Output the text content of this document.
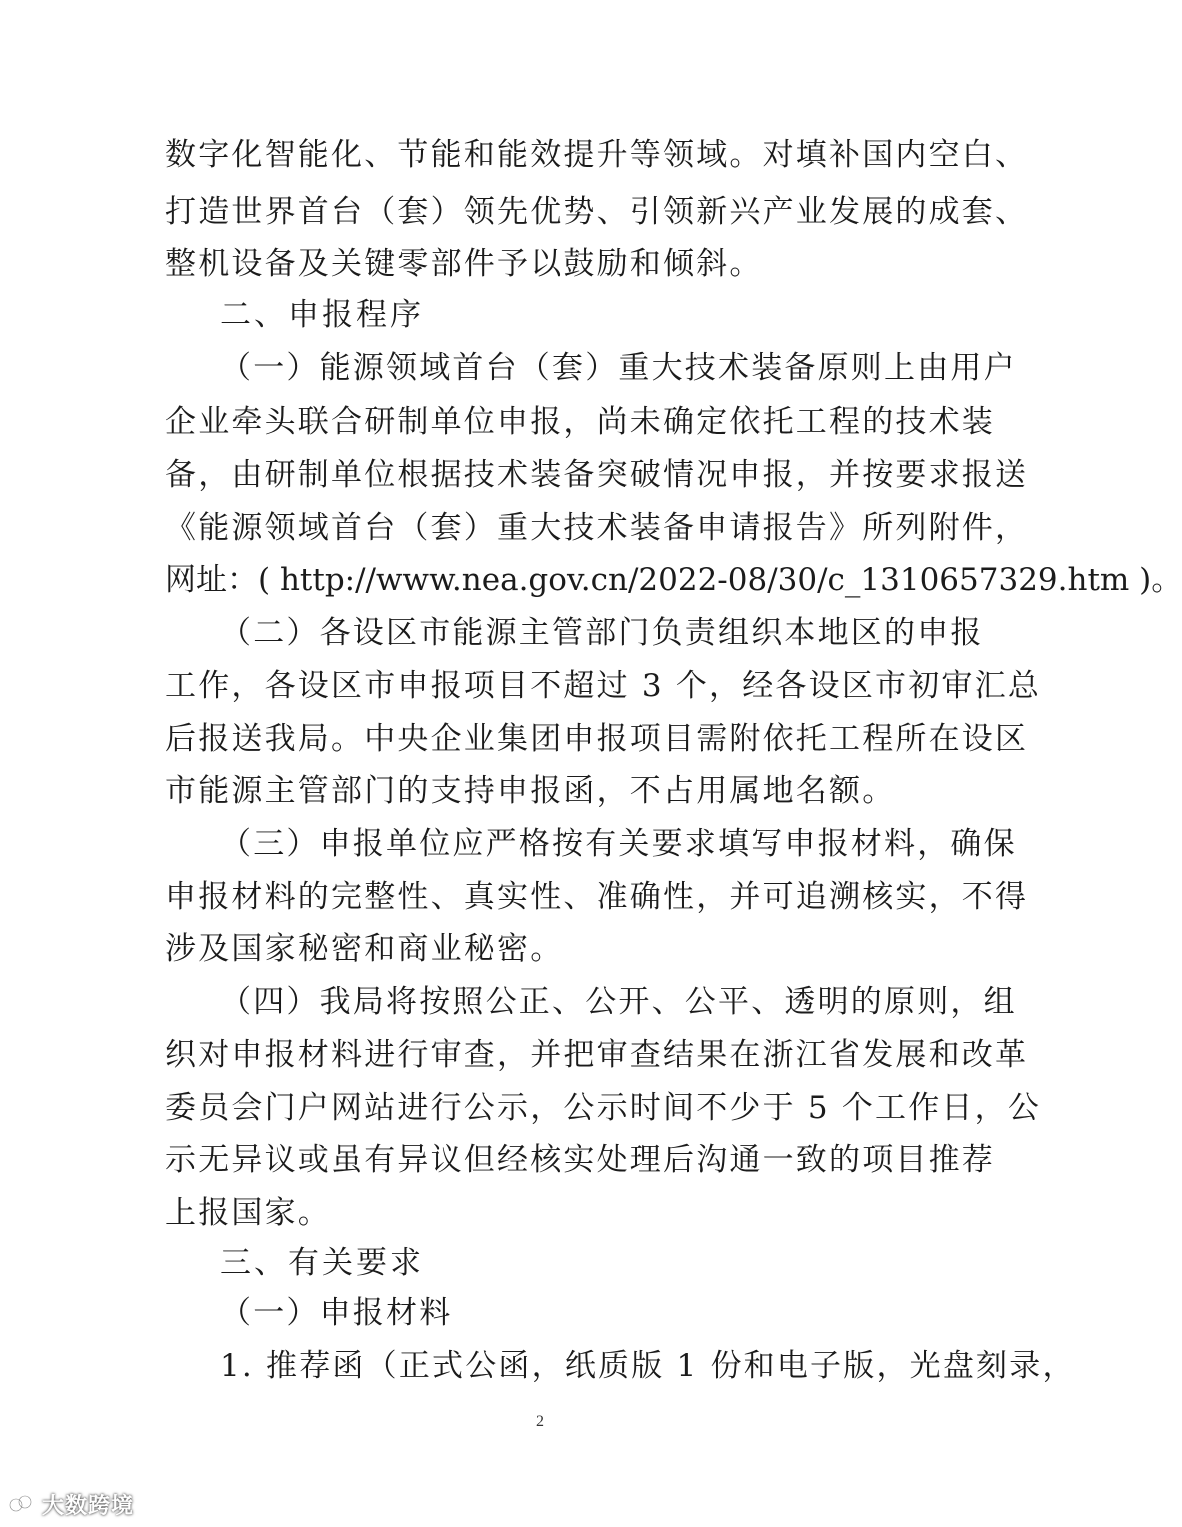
数字化智能化、节能和能效提升等领域。对填补国内空白、
打造世界首台（套）领先优势、引领新兴产业发展的成套、
整机设备及关键零部件予以鼓励和倾斜。
二、申报程序
（一）能源领域首台（套）重大技术装备原则上由用户
企业牵头联合研制单位申报，尚未确定依托工程的技术装
备，由研制单位根据技术装备突破情况申报，并按要求报送
《能源领域首台（套）重大技术装备申请报告》所列附件，
网址：( http://www.nea.gov.cn/2022-08/30/c_1310657329.htm )。
（二）各设区市能源主管部门负责组织本地区的申报
工作，各设区市申报项目不超过 3 个，经各设区市初审汇总
后报送我局。中央企业集团申报项目需附依托工程所在设区
市能源主管部门的支持申报函，不占用属地名额。
（三）申报单位应严格按有关要求填写申报材料，确保
申报材料的完整性、真实性、准确性，并可追溯核实，不得
涉及国家秘密和商业秘密。
（四）我局将按照公正、公开、公平、透明的原则，组
织对申报材料进行审查，并把审查结果在浙江省发展和改革
委员会门户网站进行公示，公示时间不少于 5 个工作日，公
示无异议或虽有异议但经核实处理后沟通一致的项目推荐
上报国家。
三、有关要求
（一）申报材料
1. 推荐函（正式公函，纸质版 1 份和电子版，光盘刻录，
2
大数跨境
